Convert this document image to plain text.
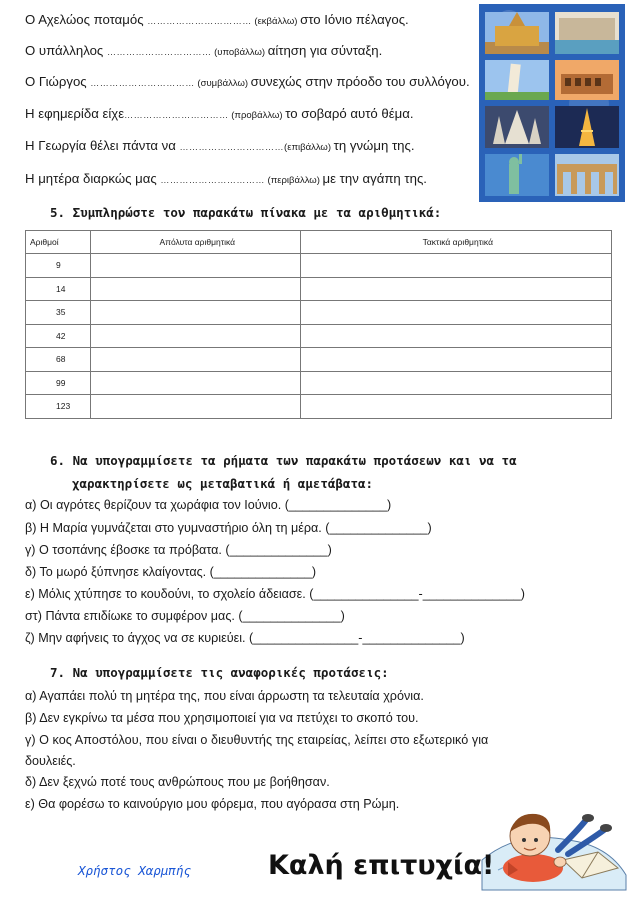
Ο Αχελώος ποταμός …………………………… (εκβάλλω) στο Ιόνιο πέλαγος.
Ο υπάλληλος …………………………… (υποβάλλω) αίτηση για σύνταξη.
Ο Γιώργος …………………………… (συμβάλλω) συνεχώς στην πρόοδο του συλλόγου.
Η εφημερίδα είχε…………………………… (προβάλλω) το σοβαρό αυτό θέμα.
Η Γεωργία θέλει πάντα να ……………………………(επιβάλλω) τη γνώμη της.
Η μητέρα διαρκώς μας …………………………… (περιβάλλω) με την αγάπη της.
5. Συμπληρώστε τον παρακάτω πίνακα με τα αριθμητικά:
Αριθμοί	Απόλυτα αριθμητικά	Τακτικά αριθμητικά
9		
14		
35		
42		
68		
99		
123		
6. Να υπογραμμίσετε τα ρήματα των παρακάτω προτάσεων και να τα
χαρακτηρίσετε ως μεταβατικά ή αμετάβατα:
α) Οι αγρότες θερίζουν τα χωράφια τον Ιούνιο. (______________)
β) Η Μαρία γυμνάζεται στο γυμναστήριο όλη τη μέρα. (______________)
γ) Ο τσοπάνης έβοσκε τα πρόβατα. (______________)
δ) Το μωρό ξύπνησε κλαίγοντας. (______________)
ε) Μόλις χτύπησε το κουδούνι, το σχολείο άδειασε. (_______________-______________)
στ) Πάντα επιδίωκε το συμφέρον μας. (______________)
ζ) Μην αφήνεις το άγχος να σε κυριεύει. (_______________-______________)
7. Να υπογραμμίσετε τις αναφορικές προτάσεις:
α) Αγαπάει πολύ τη μητέρα της, που είναι άρρωστη τα τελευταία χρόνια.
β) Δεν εγκρίνω τα μέσα που χρησιμοποιεί για να πετύχει το σκοπό του.
γ) Ο κος Αποστόλου, που είναι ο διευθυντής της εταιρείας, λείπει στο εξωτερικό για
δουλειές.
δ) Δεν ξεχνώ ποτέ τους ανθρώπους που με βοήθησαν.
ε) Θα φορέσω το καινούργιο μου φόρεμα, που αγόρασα στη Ρώμη.
Χρήστος Χαρμπής	Καλή επιτυχία!
